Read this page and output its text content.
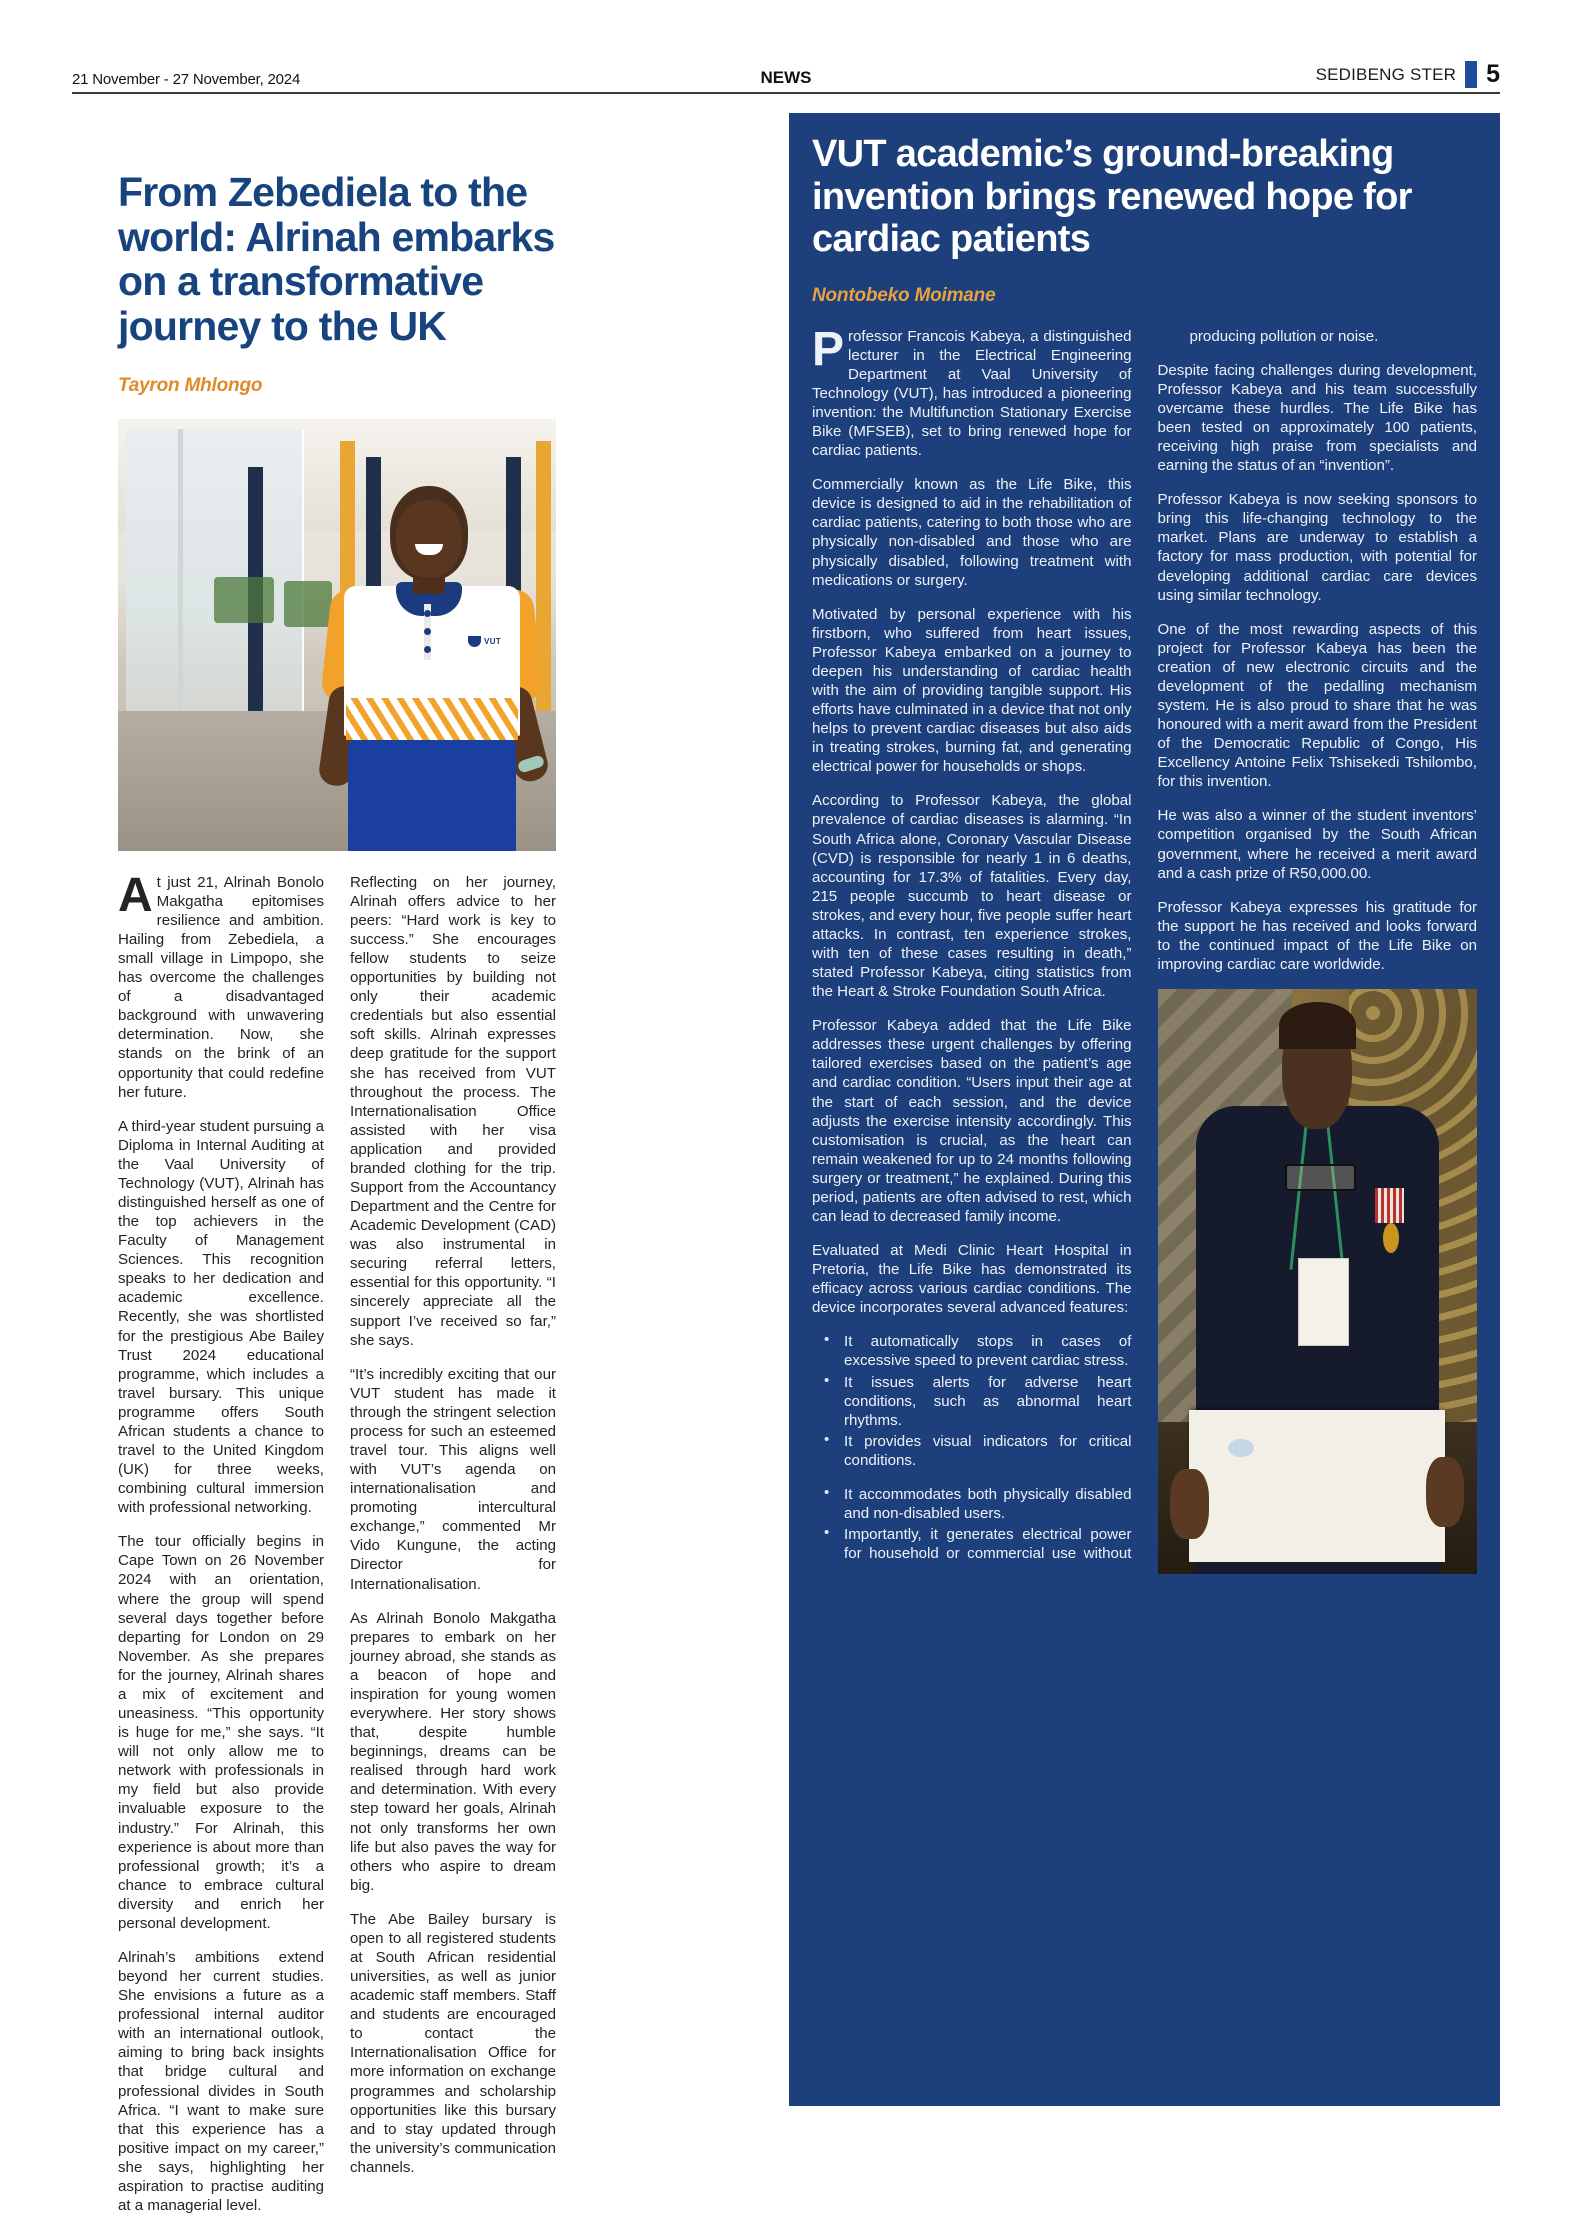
21 November - 27 November, 2024	NEWS	SEDIBENG STER 5
From Zebediela to the world: Alrinah embarks on a transformative journey to the UK
Tayron Mhlongo
VUT

At just 21, Alrinah Bonolo Makgatha epitomises resilience and ambition. Hailing from Zebediela, a small village in Limpopo, she has overcome the challenges of a disadvantaged background with unwavering determination. Now, she stands on the brink of an opportunity that could redefine her future.

A third-year student pursuing a Diploma in Internal Auditing at the Vaal University of Technology (VUT), Alrinah has distinguished herself as one of the top achievers in the Faculty of Management Sciences. This recognition speaks to her dedication and academic excellence. Recently, she was shortlisted for the prestigious Abe Bailey Trust 2024 educational programme, which includes a travel bursary. This unique programme offers South African students a chance to travel to the United Kingdom (UK) for three weeks, combining cultural immersion with professional networking.

The tour officially begins in Cape Town on 26 November 2024 with an orientation, where the group will spend several days together before departing for London on 29 November. As she prepares for the journey, Alrinah shares a mix of excitement and uneasiness. “This opportunity is huge for me,” she says. “It will not only allow me to network with professionals in my field but also provide invaluable exposure to the industry.” For Alrinah, this experience is about more than professional growth; it’s a chance to embrace cultural diversity and enrich her personal development.

Alrinah’s ambitions extend beyond her current studies. She envisions a future as a professional internal auditor with an international outlook, aiming to bring back insights that bridge cultural and professional divides in South Africa. “I want to make sure that this experience has a positive impact on my career,” she says, highlighting her aspiration to practise auditing at a managerial level.

Reflecting on her journey, Alrinah offers advice to her peers: “Hard work is key to success.” She encourages fellow students to seize opportunities by building not only their academic credentials but also essential soft skills. Alrinah expresses deep gratitude for the support she has received from VUT throughout the process. The Internationalisation Office assisted with her visa application and provided branded clothing for the trip. Support from the Accountancy Department and the Centre for Academic Development (CAD) was also instrumental in securing referral letters, essential for this opportunity. “I sincerely appreciate all the support I’ve received so far,” she says.

“It’s incredibly exciting that our VUT student has made it through the stringent selection process for such an esteemed travel tour. This aligns well with VUT’s agenda on internationalisation and promoting intercultural exchange,” commented Mr Vido Kungune, the acting Director for Internationalisation.

As Alrinah Bonolo Makgatha prepares to embark on her journey abroad, she stands as a beacon of hope and inspiration for young women everywhere. Her story shows that, despite humble beginnings, dreams can be realised through hard work and determination. With every step toward her goals, Alrinah not only transforms her own life but also paves the way for others who aspire to dream big.

The Abe Bailey bursary is open to all registered students at South African residential universities, as well as junior academic staff members. Staff and students are encouraged to contact the Internationalisation Office for more information on exchange programmes and scholarship opportunities like this bursary and to stay updated through the university’s communication channels.

VUT academic’s ground-breaking invention brings renewed hope for cardiac patients
Nontobeko Moimane

Professor Francois Kabeya, a distinguished lecturer in the Electrical Engineering Department at Vaal University of Technology (VUT), has introduced a pioneering invention: the Multifunction Stationary Exercise Bike (MFSEB), set to bring renewed hope for cardiac patients.

Commercially known as the Life Bike, this device is designed to aid in the rehabilitation of cardiac patients, catering to both those who are physically non-disabled and those who are physically disabled, following treatment with medications or surgery.

Motivated by personal experience with his firstborn, who suffered from heart issues, Professor Kabeya embarked on a journey to deepen his understanding of cardiac health with the aim of providing tangible support. His efforts have culminated in a device that not only helps to prevent cardiac diseases but also aids in treating strokes, burning fat, and generating electrical power for households or shops.

According to Professor Kabeya, the global prevalence of cardiac diseases is alarming. “In South Africa alone, Coronary Vascular Disease (CVD) is responsible for nearly 1 in 6 deaths, accounting for 17.3% of fatalities. Every day, 215 people succumb to heart disease or strokes, and every hour, five people suffer heart attacks. In contrast, ten experience strokes, with ten of these cases resulting in death,” stated Professor Kabeya, citing statistics from the Heart & Stroke Foundation South Africa.

Professor Kabeya added that the Life Bike addresses these urgent challenges by offering tailored exercises based on the patient’s age and cardiac condition. “Users input their age at the start of each session, and the device adjusts the exercise intensity accordingly. This customisation is crucial, as the heart can remain weakened for up to 24 months following surgery or treatment,” he explained. During this period, patients are often advised to rest, which can lead to decreased family income.

Evaluated at Medi Clinic Heart Hospital in Pretoria, the Life Bike has demonstrated its efficacy across various cardiac conditions. The device incorporates several advanced features:

• It automatically stops in cases of excessive speed to prevent cardiac stress.
• It issues alerts for adverse heart conditions, such as abnormal heart rhythms.
• It provides visual indicators for critical conditions.
• It accommodates both physically disabled and non-disabled users.
• Importantly, it generates electrical power for household or commercial use without producing pollution or noise.

Despite facing challenges during development, Professor Kabeya and his team successfully overcame these hurdles. The Life Bike has been tested on approximately 100 patients, receiving high praise from specialists and earning the status of an “invention”.

Professor Kabeya is now seeking sponsors to bring this life-changing technology to the market. Plans are underway to establish a factory for mass production, with potential for developing additional cardiac care devices using similar technology.

One of the most rewarding aspects of this project for Professor Kabeya has been the creation of new electronic circuits and the development of the pedalling mechanism system. He is also proud to share that he was honoured with a merit award from the President of the Democratic Republic of Congo, His Excellency Antoine Felix Tshisekedi Tshilombo, for this invention.

He was also a winner of the student inventors’ competition organised by the South African government, where he received a merit award and a cash prize of R50,000.00.

Professor Kabeya expresses his gratitude for the support he has received and looks forward to the continued impact of the Life Bike on improving cardiac care worldwide.
